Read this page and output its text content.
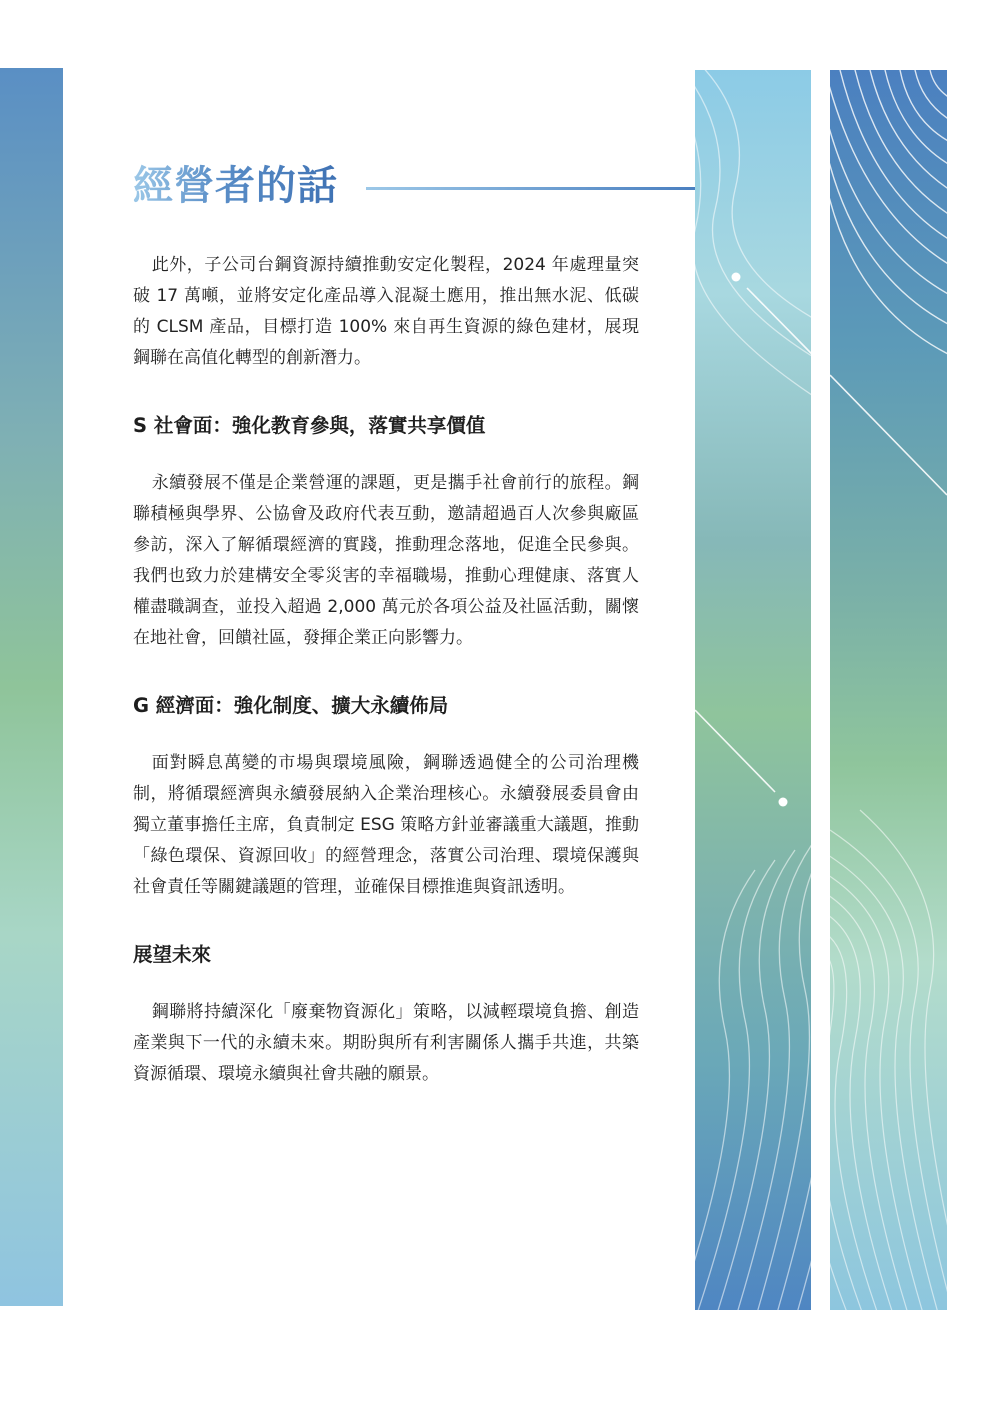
經營者的話

此外，子公司台鋼資源持續推動安定化製程，2024 年處理量突破 17 萬噸，並將安定化產品導入混凝土應用，推出無水泥、低碳的 CLSM 產品，目標打造 100% 來自再生資源的綠色建材，展現鋼聯在高值化轉型的創新潛力。

S 社會面：強化教育參與，落實共享價值

永續發展不僅是企業營運的課題，更是攜手社會前行的旅程。鋼聯積極與學界、公協會及政府代表互動，邀請超過百人次參與廠區參訪，深入了解循環經濟的實踐，推動理念落地，促進全民參與。我們也致力於建構安全零災害的幸福職場，推動心理健康、落實人權盡職調查，並投入超過 2,000 萬元於各項公益及社區活動，關懷在地社會，回饋社區，發揮企業正向影響力。

G 經濟面：強化制度、擴大永續佈局

面對瞬息萬變的市場與環境風險，鋼聯透過健全的公司治理機制，將循環經濟與永續發展納入企業治理核心。永續發展委員會由獨立董事擔任主席，負責制定 ESG 策略方針並審議重大議題，推動「綠色環保、資源回收」的經營理念，落實公司治理、環境保護與社會責任等關鍵議題的管理，並確保目標推進與資訊透明。

展望未來

鋼聯將持續深化「廢棄物資源化」策略，以減輕環境負擔、創造產業與下一代的永續未來。期盼與所有利害關係人攜手共進，共築資源循環、環境永續與社會共融的願景。
